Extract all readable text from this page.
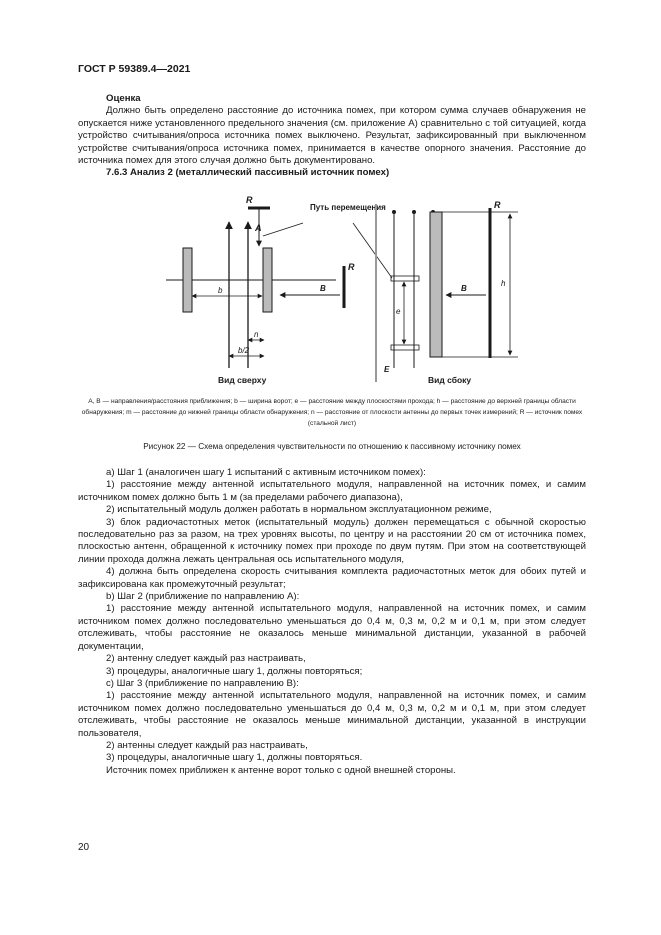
ГОСТ Р 59389.4—2021

Оценка

Должно быть определено расстояние до источника помех, при котором сумма случаев обнаружения не опускается ниже установленного предельного значения (см. приложение А) сравнительно с той ситуацией, когда устройство считывания/опроса источника помех выключено. Результат, зафиксированный при выключенном устройстве считывания/опроса источника помех, принимается в качестве опорного значения. Расстояние до источника помех для этого случая должно быть документировано.

7.6.3 Анализ 2 (металлический пассивный источник помех)

R
A
R
B
b
n
b/2
Вид сверху
Путь перемещения	R
h
e
B
E
Вид сбоку
A, B — направления/расстояния приближения; b — ширина ворот; e — расстояние между плоскостями прохода; h — расстояние до верхней границы области обнаружения; m — расстояние до нижней границы области обнаружения; n — расстояние от плоскости антенны до первых точек измерений; R — источник помех (стальной лист)
Рисунок 22 — Схема определения чувствительности по отношению к пассивному источнику помех

а) Шаг 1 (аналогичен шагу 1 испытаний с активным источником помех):

1) расстояние между антенной испытательного модуля, направленной на источник помех, и самим источником помех должно быть 1 м (за пределами рабочего диапазона),

2) испытательный модуль должен работать в нормальном эксплуатационном режиме,

3) блок радиочастотных меток (испытательный модуль) должен перемещаться с обычной скоростью последовательно раз за разом, на трех уровнях высоты, по центру и на расстоянии 20 см от источника помех, плоскостью антенн, обращенной к источнику помех при проходе по двум путям. При этом на соответствующей линии прохода должна лежать центральная ось испытательного модуля,

4) должна быть определена скорость считывания комплекта радиочастотных меток для обоих путей и зафиксирована как промежуточный результат;

b) Шаг 2 (приближение по направлению А):

1) расстояние между антенной испытательного модуля, направленной на источник помех, и самим источником помех должно последовательно уменьшаться до 0,4 м, 0,3 м, 0,2 м и 0,1 м, при этом следует отслеживать, чтобы расстояние не оказалось меньше минимальной дистанции, указанной в рабочей документации,

2) антенну следует каждый раз настраивать,

3) процедуры, аналогичные шагу 1, должны повторяться;

c) Шаг 3 (приближение по направлению В):

1) расстояние между антенной испытательного модуля, направленной на источник помех, и самим источником помех должно последовательно уменьшаться до 0,4 м, 0,3 м, 0,2 м и 0,1 м, при этом следует отслеживать, чтобы расстояние не оказалось меньше минимальной дистанции, указанной в инструкции пользователя,

2) антенны следует каждый раз настраивать,

3) процедуры, аналогичные шагу 1, должны повторяться.

Источник помех приближен к антенне ворот только с одной внешней стороны.

20
